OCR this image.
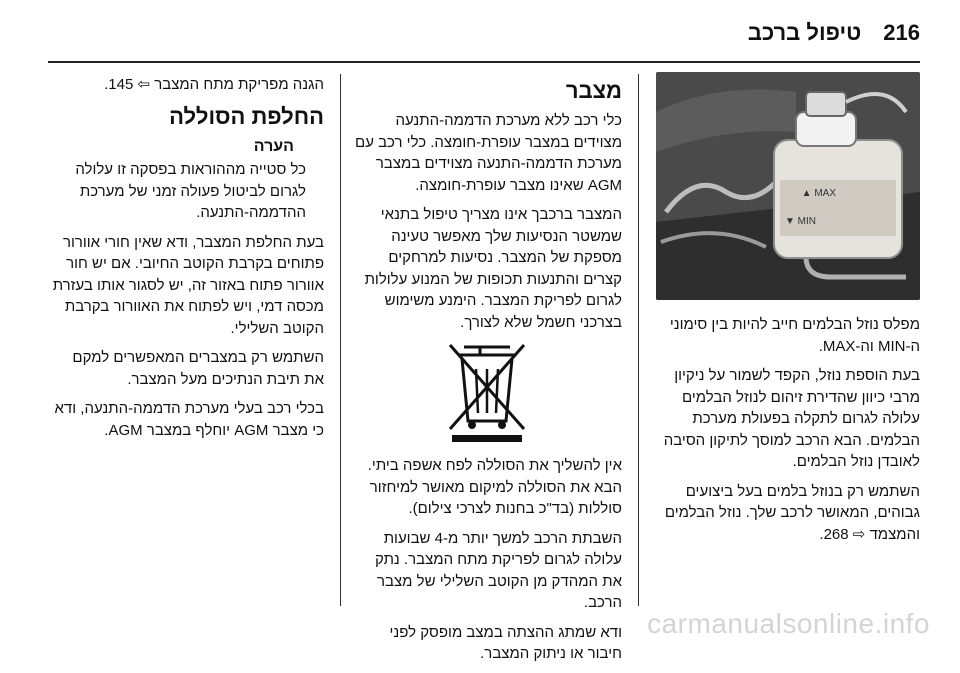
216
טיפול ברכב
MAX ▲
MIN ▼

מפלס נוזל הבלמים חייב להיות בין סימוני ה-MIN וה-MAX.

בעת הוספת נוזל, הקפד לשמור על ניקיון מרבי כיוון שהדירת זיהום לנוזל הבלמים עלולה לגרום לתקלה בפעולת מערכת הבלמים. הבא הרכב למוסך לתיקון הסיבה לאובדן נוזל הבלמים.

השתמש רק בנוזל בלמים בעל ביצועים גבוהים, המאושר לרכב שלך. נוזל הבלמים והמצמד ⇨ 268.

מצבר

כלי רכב ללא מערכת הדממה-התנעה מצוידים במצבר עופרת-חומצה. כלי רכב עם מערכת הדממה-התנעה מצוידים במצבר AGM שאינו מצבר עופרת-חומצה.

המצבר ברכבך אינו מצריך טיפול בתנאי שמשטר הנסיעות שלך מאפשר טעינה מספקת של המצבר. נסיעות למרחקים קצרים והתנעות תכופות של המנוע עלולות לגרום לפריקת המצבר. הימנע משימוש בצרכני חשמל שלא לצורך.

אין להשליך את הסוללה לפח אשפה ביתי. הבא את הסוללה למיקום מאושר למיחזור סוללות (בד"כ בחנות לצרכי צילום).

השבתת הרכב למשך יותר מ-4 שבועות עלולה לגרום לפריקת מתח המצבר. נתק את המהדק מן הקוטב השלילי של מצבר הרכב.

ודא שמתג ההצתה במצב מופסק לפני חיבור או ניתוק המצבר.

הגנה מפריקת מתח המצבר ⇦ 145.

החלפת הסוללה
הערה

כל סטייה מההוראות בפסקה זו עלולה לגרום לביטול פעולה זמני של מערכת ההדממה-התנעה.

בעת החלפת המצבר, ודא שאין חורי אוורור פתוחים בקרבת הקוטב החיובי. אם יש חור אוורור פתוח באזור זה, יש לסגור אותו בעזרת מכסה דמי, ויש לפתוח את האוורור בקרבת הקוטב השלילי.

השתמש רק במצברים המאפשרים למקם את תיבת הנתיכים מעל המצבר.

בכלי רכב בעלי מערכת הדממה-התנעה, ודא כי מצבר AGM יוחלף במצבר AGM.

carmanualsonline.info
